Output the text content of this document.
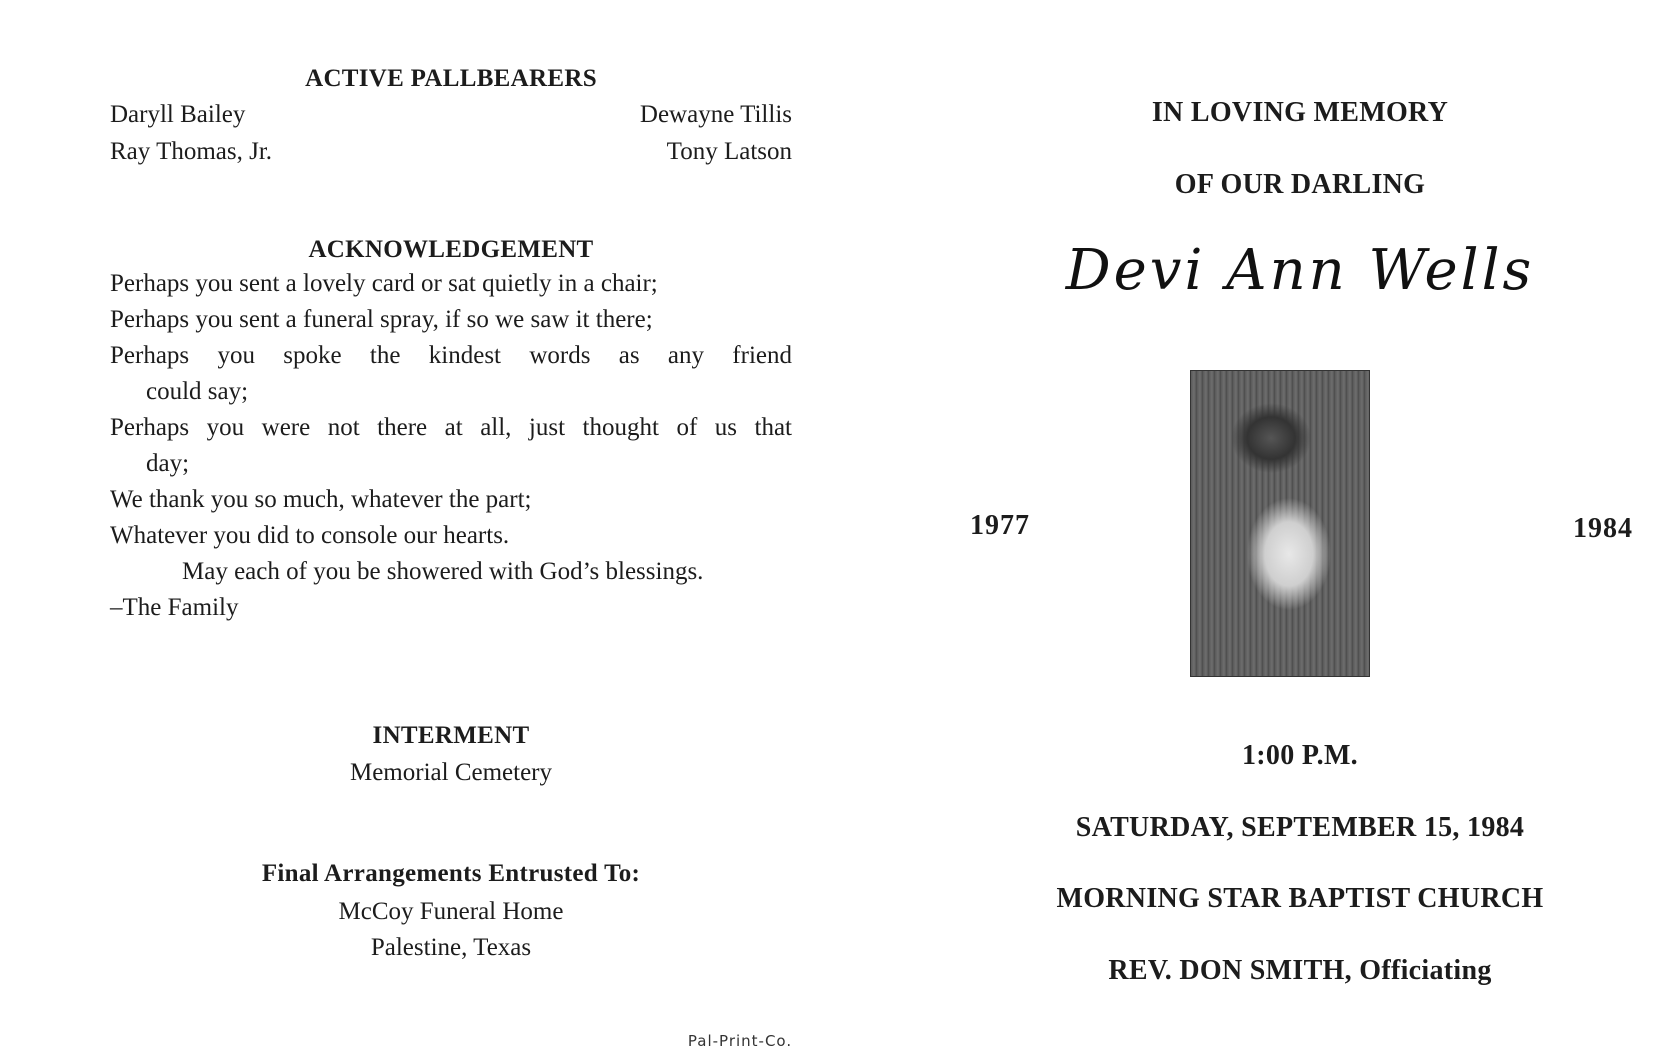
ACTIVE PALLBEARERS
Daryll Bailey	Dewayne Tillis
Ray Thomas, Jr.	Tony Latson
ACKNOWLEDGEMENT
Perhaps you sent a lovely card or sat quietly in a chair;
Perhaps you sent a funeral spray, if so we saw it there;
Perhaps you spoke the kindest words as any friend
could say;
Perhaps you were not there at all, just thought of us that
day;
We thank you so much, whatever the part;
Whatever you did to console our hearts.
May each of you be showered with God’s blessings.
–The Family
INTERMENT
Memorial Cemetery
Final Arrangements Entrusted To:
McCoy Funeral Home
Palestine, Texas
IN LOVING MEMORY
OF OUR DARLING
Devi Ann Wells
1977	1984
1:00 P.M.
SATURDAY, SEPTEMBER 15, 1984
MORNING STAR BAPTIST CHURCH
REV. DON SMITH, Officiating
Pal-Print-Co.
